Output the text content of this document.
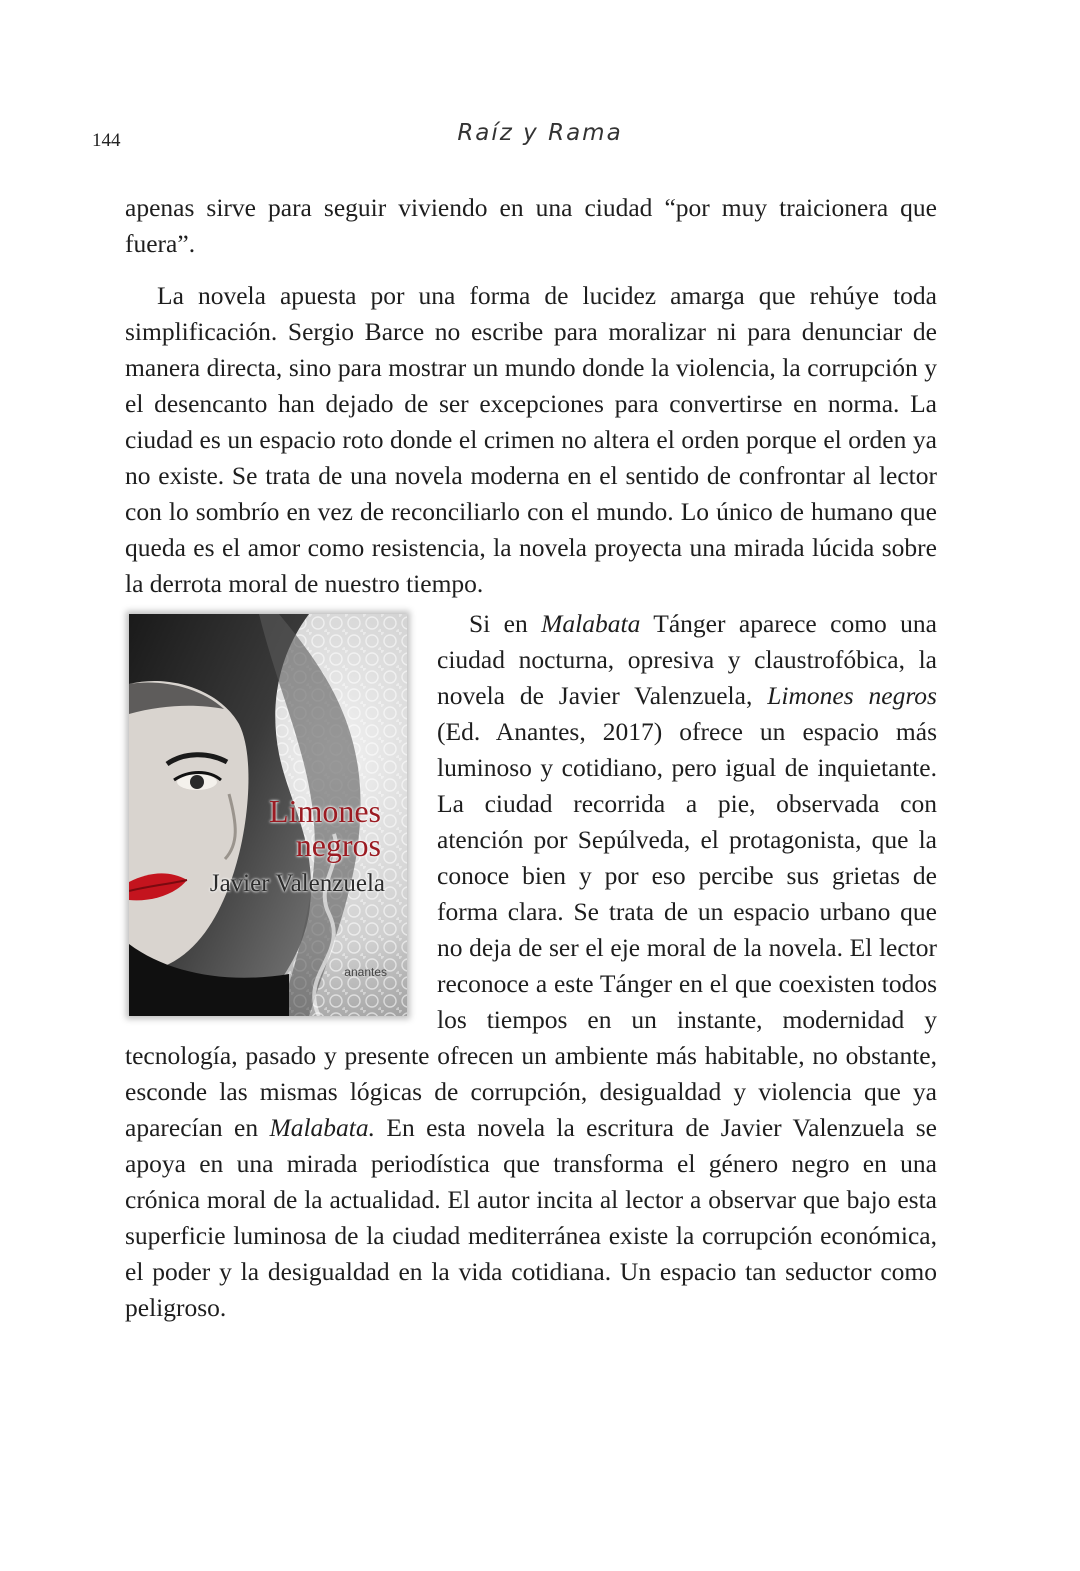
144	Raíz y Rama

apenas sirve para seguir viviendo en una ciudad “por muy traicionera que fuera”.

La novela apuesta por una forma de lucidez amarga que rehúye toda simplificación. Sergio Barce no escribe para moralizar ni para denunciar de manera directa, sino para mostrar un mundo donde la violencia, la corrupción y el desencanto han dejado de ser excepciones para convertirse en norma. La ciudad es un espacio roto donde el crimen no altera el orden porque el orden ya no existe. Se trata de una novela moderna en el sentido de confrontar al lector con lo sombrío en vez de reconciliarlo con el mundo. Lo único de humano que queda es el amor como resistencia, la novela proyecta una mirada lúcida sobre la derrota moral de nuestro tiempo.

Limones
negros
Javier Valenzuela
anantes

Si en Malabata Tánger aparece como una ciudad nocturna, opresiva y claustrofóbica, la novela de Javier Valenzuela, Limones negros (Ed. Anantes, 2017) ofrece un espacio más luminoso y cotidiano, pero igual de inquietante. La ciudad recorrida a pie, observada con atención por Sepúlveda, el protagonista, que la conoce bien y por eso percibe sus grietas de forma clara. Se trata de un espacio urbano que no deja de ser el eje moral de la novela. El lector reconoce a este Tánger en el que coexisten todos los tiempos en un instante, modernidad y tecnología, pasado y presente ofrecen un ambiente más habitable, no obstante, esconde las mismas lógicas de corrupción, desigualdad y violencia que ya aparecían en Malabata. En esta novela la escritura de Javier Valenzuela se apoya en una mirada periodística que transforma el género negro en una crónica moral de la actualidad. El autor incita al lector a observar que bajo esta superficie luminosa de la ciudad mediterránea existe la corrupción económica, el poder y la desigualdad en la vida cotidiana. Un espacio tan seductor como peligroso.
